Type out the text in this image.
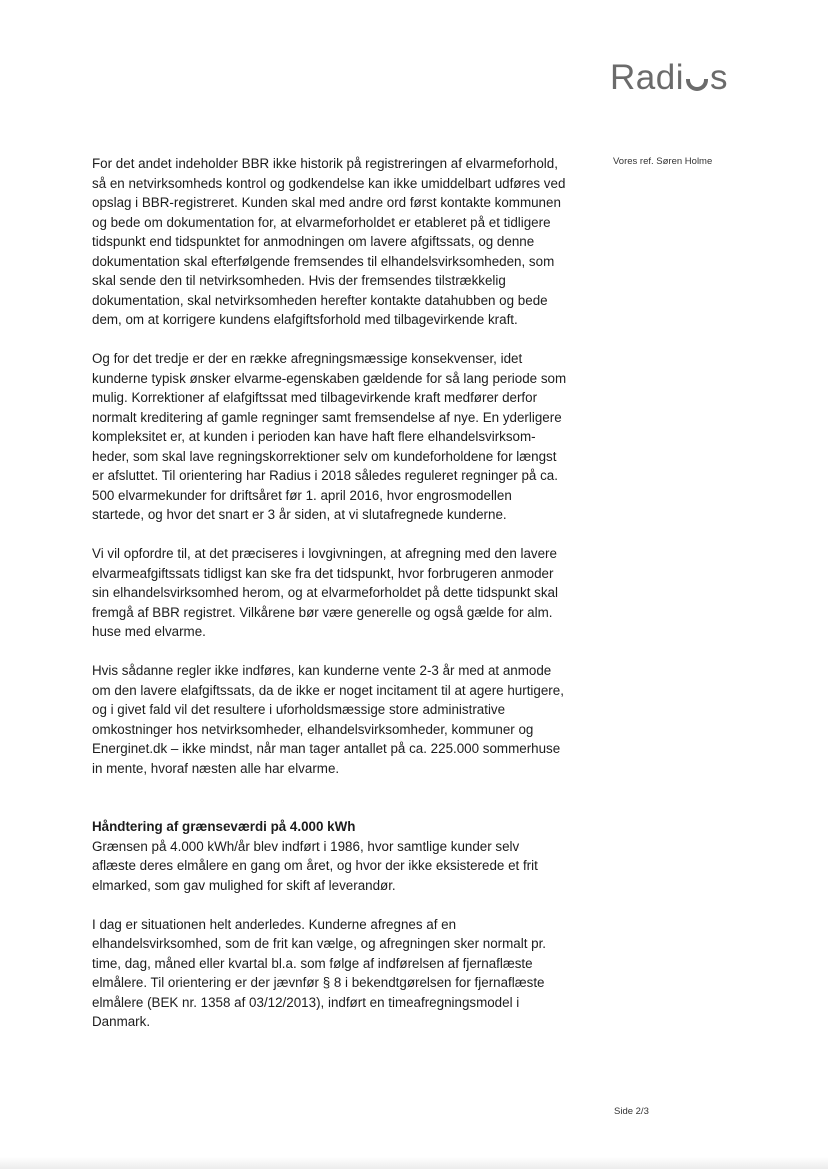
Radi s
Vores ref. Søren Holme
For det andet indeholder BBR ikke historik på registreringen af elvarmeforhold,
så en netvirksomheds kontrol og godkendelse kan ikke umiddelbart udføres ved
opslag i BBR-registreret. Kunden skal med andre ord først kontakte kommunen
og bede om dokumentation for, at elvarmeforholdet er etableret på et tidligere
tidspunkt end tidspunktet for anmodningen om lavere afgiftssats, og denne
dokumentation skal efterfølgende fremsendes til elhandelsvirksomheden, som
skal sende den til netvirksomheden. Hvis der fremsendes tilstrækkelig
dokumentation, skal netvirksomheden herefter kontakte datahubben og bede
dem, om at korrigere kundens elafgiftsforhold med tilbagevirkende kraft.
Og for det tredje er der en række afregningsmæssige konsekvenser, idet
kunderne typisk ønsker elvarme-egenskaben gældende for så lang periode som
mulig. Korrektioner af elafgiftssat med tilbagevirkende kraft medfører derfor
normalt kreditering af gamle regninger samt fremsendelse af nye. En yderligere
kompleksitet er, at kunden i perioden kan have haft flere elhandelsvirksom-
heder, som skal lave regningskorrektioner selv om kundeforholdene for længst
er afsluttet. Til orientering har Radius i 2018 således reguleret regninger på ca.
500 elvarmekunder for driftsåret før 1. april 2016, hvor engrosmodellen
startede, og hvor det snart er 3 år siden, at vi slutafregnede kunderne.
Vi vil opfordre til, at det præciseres i lovgivningen, at afregning med den lavere
elvarmeafgiftssats tidligst kan ske fra det tidspunkt, hvor forbrugeren anmoder
sin elhandelsvirksomhed herom, og at elvarmeforholdet på dette tidspunkt skal
fremgå af BBR registret. Vilkårene bør være generelle og også gælde for alm.
huse med elvarme.
Hvis sådanne regler ikke indføres, kan kunderne vente 2-3 år med at anmode
om den lavere elafgiftssats, da de ikke er noget incitament til at agere hurtigere,
og i givet fald vil det resultere i uforholdsmæssige store administrative
omkostninger hos netvirksomheder, elhandelsvirksomheder, kommuner og
Energinet.dk – ikke mindst, når man tager antallet på ca. 225.000 sommerhuse
in mente, hvoraf næsten alle har elvarme.
Håndtering af grænseværdi på 4.000 kWh
Grænsen på 4.000 kWh/år blev indført i 1986, hvor samtlige kunder selv
aflæste deres elmålere en gang om året, og hvor der ikke eksisterede et frit
elmarked, som gav mulighed for skift af leverandør.
I dag er situationen helt anderledes. Kunderne afregnes af en
elhandelsvirksomhed, som de frit kan vælge, og afregningen sker normalt pr.
time, dag, måned eller kvartal bl.a. som følge af indførelsen af fjernaflæste
elmålere. Til orientering er der jævnfør § 8 i bekendtgørelsen for fjernaflæste
elmålere (BEK nr. 1358 af 03/12/2013), indført en timeafregningsmodel i
Danmark.
Side 2/3
